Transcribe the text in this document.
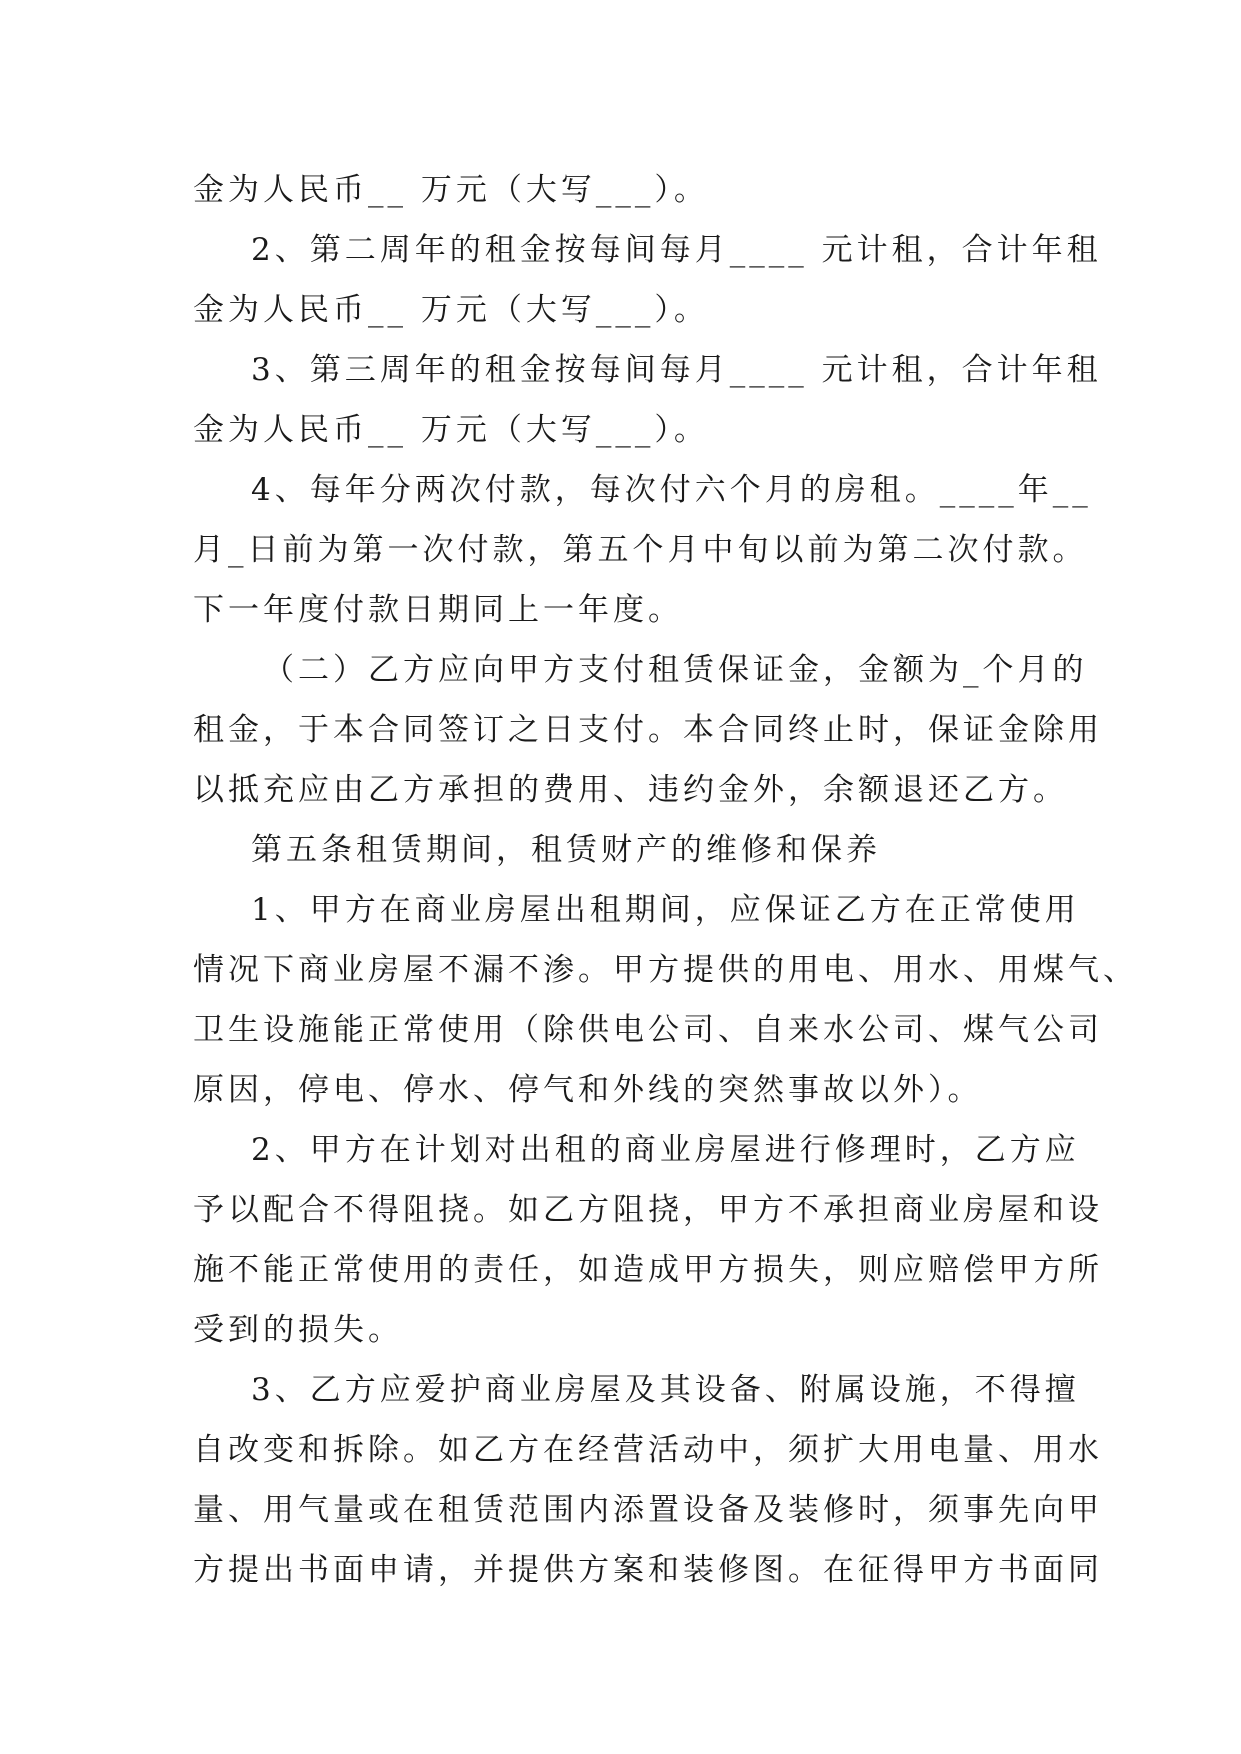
金为人民币__ 万元（大写___）。
2、第二周年的租金按每间每月____ 元计租，合计年租
金为人民币__ 万元（大写___）。
3、第三周年的租金按每间每月____ 元计租，合计年租
金为人民币__ 万元（大写___）。
4、每年分两次付款，每次付六个月的房租。____年__
月_日前为第一次付款，第五个月中旬以前为第二次付款。
下一年度付款日期同上一年度。
（二）乙方应向甲方支付租赁保证金，金额为_个月的
租金，于本合同签订之日支付。本合同终止时，保证金除用
以抵充应由乙方承担的费用、违约金外，余额退还乙方。
第五条租赁期间，租赁财产的维修和保养
1、甲方在商业房屋出租期间，应保证乙方在正常使用
情况下商业房屋不漏不渗。甲方提供的用电、用水、用煤气、
卫生设施能正常使用（除供电公司、自来水公司、煤气公司
原因，停电、停水、停气和外线的突然事故以外）。
2、甲方在计划对出租的商业房屋进行修理时，乙方应
予以配合不得阻挠。如乙方阻挠，甲方不承担商业房屋和设
施不能正常使用的责任，如造成甲方损失，则应赔偿甲方所
受到的损失。
3、乙方应爱护商业房屋及其设备、附属设施，不得擅
自改变和拆除。如乙方在经营活动中，须扩大用电量、用水
量、用气量或在租赁范围内添置设备及装修时，须事先向甲
方提出书面申请，并提供方案和装修图。在征得甲方书面同
